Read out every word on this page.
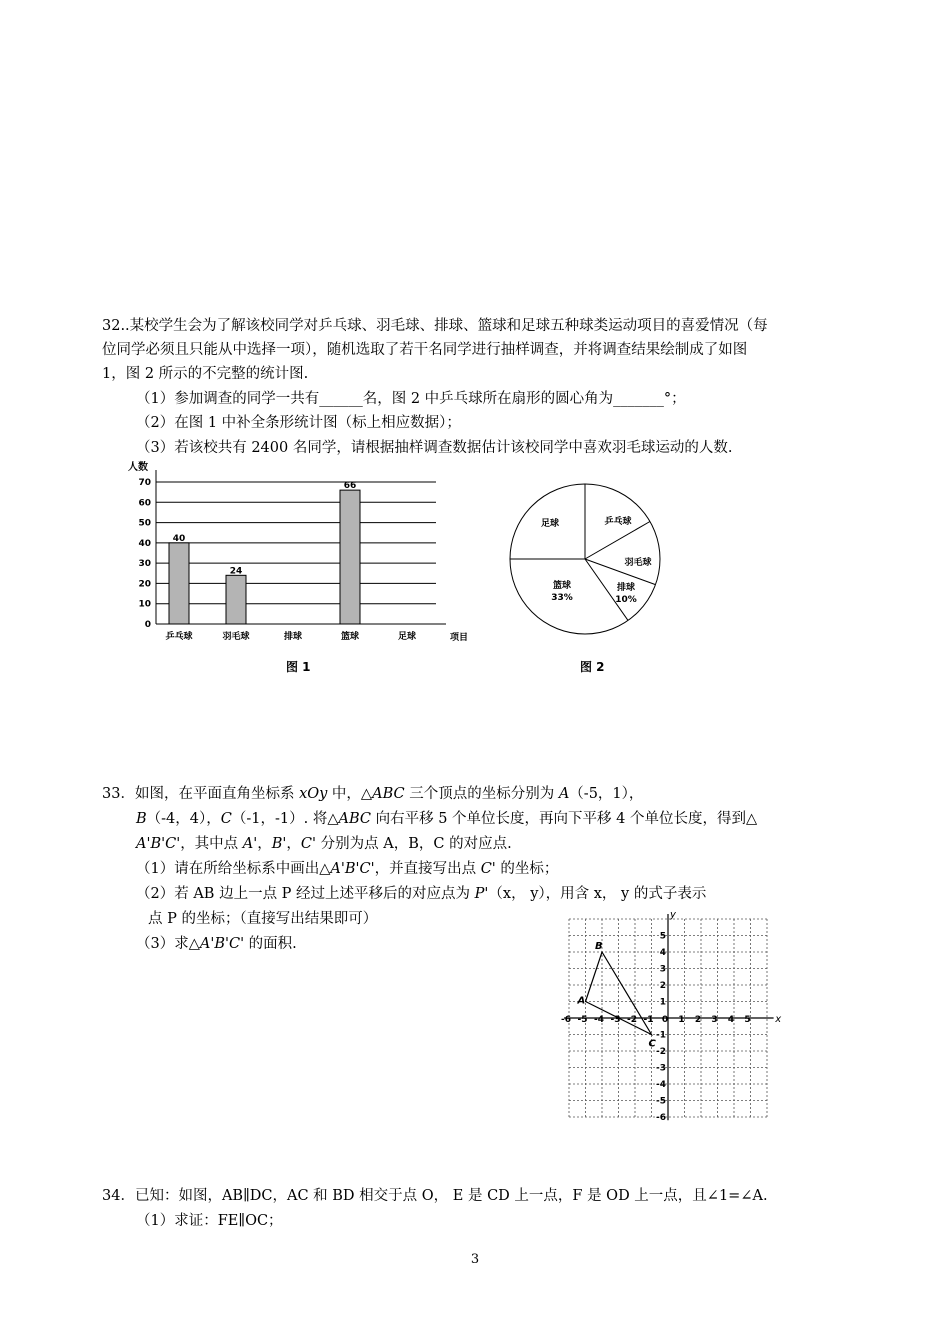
32..某校学生会为了解该校同学对乒乓球、羽毛球、排球、篮球和足球五种球类运动项目的喜爱情况（每
位同学必须且只能从中选择一项），随机选取了若干名同学进行抽样调查，并将调查结果绘制成了如图
1，图 2 所示的不完整的统计图.
（1）参加调查的同学一共有______名，图 2 中乒乓球所在扇形的圆心角为_______°；
（2）在图 1 中补全条形统计图（标上相应数据）；
（3）若该校共有 2400 名同学，请根据抽样调查数据估计该校同学中喜欢羽毛球运动的人数.
0
10
20
30
40
50
60
70
人数
项目
乒乓球
40
羽毛球
24
排球	篮球
66
足球
图 1
足球	乒乓球
羽毛球
排球
10%
篮球
33%
图 2
33．如图，在平面直角坐标系 xOy 中，△ABC 三个顶点的坐标分别为 A（-5，1），
B（-4，4），C（-1，-1）. 将△ABC 向右平移 5 个单位长度，再向下平移 4 个单位长度，得到△
A'B'C'，其中点 A'，B'，C' 分别为点 A，B，C 的对应点.
（1）请在所给坐标系中画出△A'B'C'，并直接写出点 C' 的坐标；
（2）若 AB 边上一点 P 经过上述平移后的对应点为 P'（x， y），用含 x， y 的式子表示
点 P 的坐标；（直接写出结果即可）
（3）求△A'B'C' 的面积.
x
y
-6 -5 -4 -3 -2 -1 0 1 2 3 4 5
5
4
3
2
1
-1
-2
-3
-4
-5
-6
A
B
C
34．已知：如图，AB∥DC，AC 和 BD 相交于点 O， E 是 CD 上一点，F 是 OD 上一点，且∠1=∠A.
（1）求证：FE∥OC；
3
